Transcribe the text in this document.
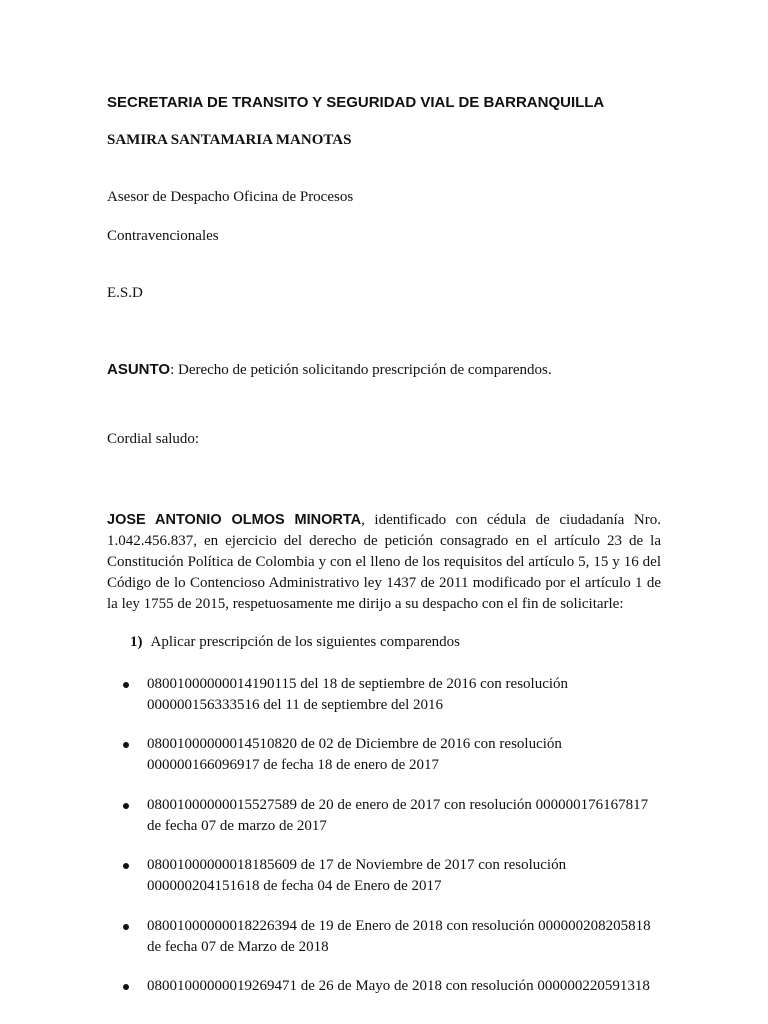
SECRETARIA DE TRANSITO Y SEGURIDAD VIAL DE BARRANQUILLA
SAMIRA SANTAMARIA MANOTAS
Asesor de Despacho Oficina de Procesos
Contravencionales
E.S.D
ASUNTO: Derecho de petición solicitando prescripción de comparendos.
Cordial saludo:
JOSE ANTONIO OLMOS MINORTA, identificado con cédula de ciudadanía Nro.
1.042.456.837, en ejercicio del derecho de petición consagrado en el artículo 23 de la
Constitución Política de Colombia y con el lleno de los requisitos del artículo 5, 15 y 16 del
Código de lo Contencioso Administrativo ley 1437 de 2011 modificado por el artículo 1 de
la ley 1755 de 2015, respetuosamente me dirijo a su despacho con el fin de solicitarle:
1) Aplicar prescripción de los siguientes comparendos
08001000000014190115 del 18 de septiembre de 2016 con resolución
000000156333516 del 11 de septiembre del 2016
08001000000014510820 de 02 de Diciembre de 2016 con resolución
000000166096917 de fecha 18 de enero de 2017
08001000000015527589 de 20 de enero de 2017 con resolución 000000176167817
de fecha 07 de marzo de 2017
08001000000018185609 de 17 de Noviembre de 2017 con resolución
000000204151618 de fecha 04 de Enero de 2017
08001000000018226394 de 19 de Enero de 2018 con resolución 000000208205818
de fecha 07 de Marzo de 2018
08001000000019269471 de 26 de Mayo de 2018 con resolución 000000220591318
